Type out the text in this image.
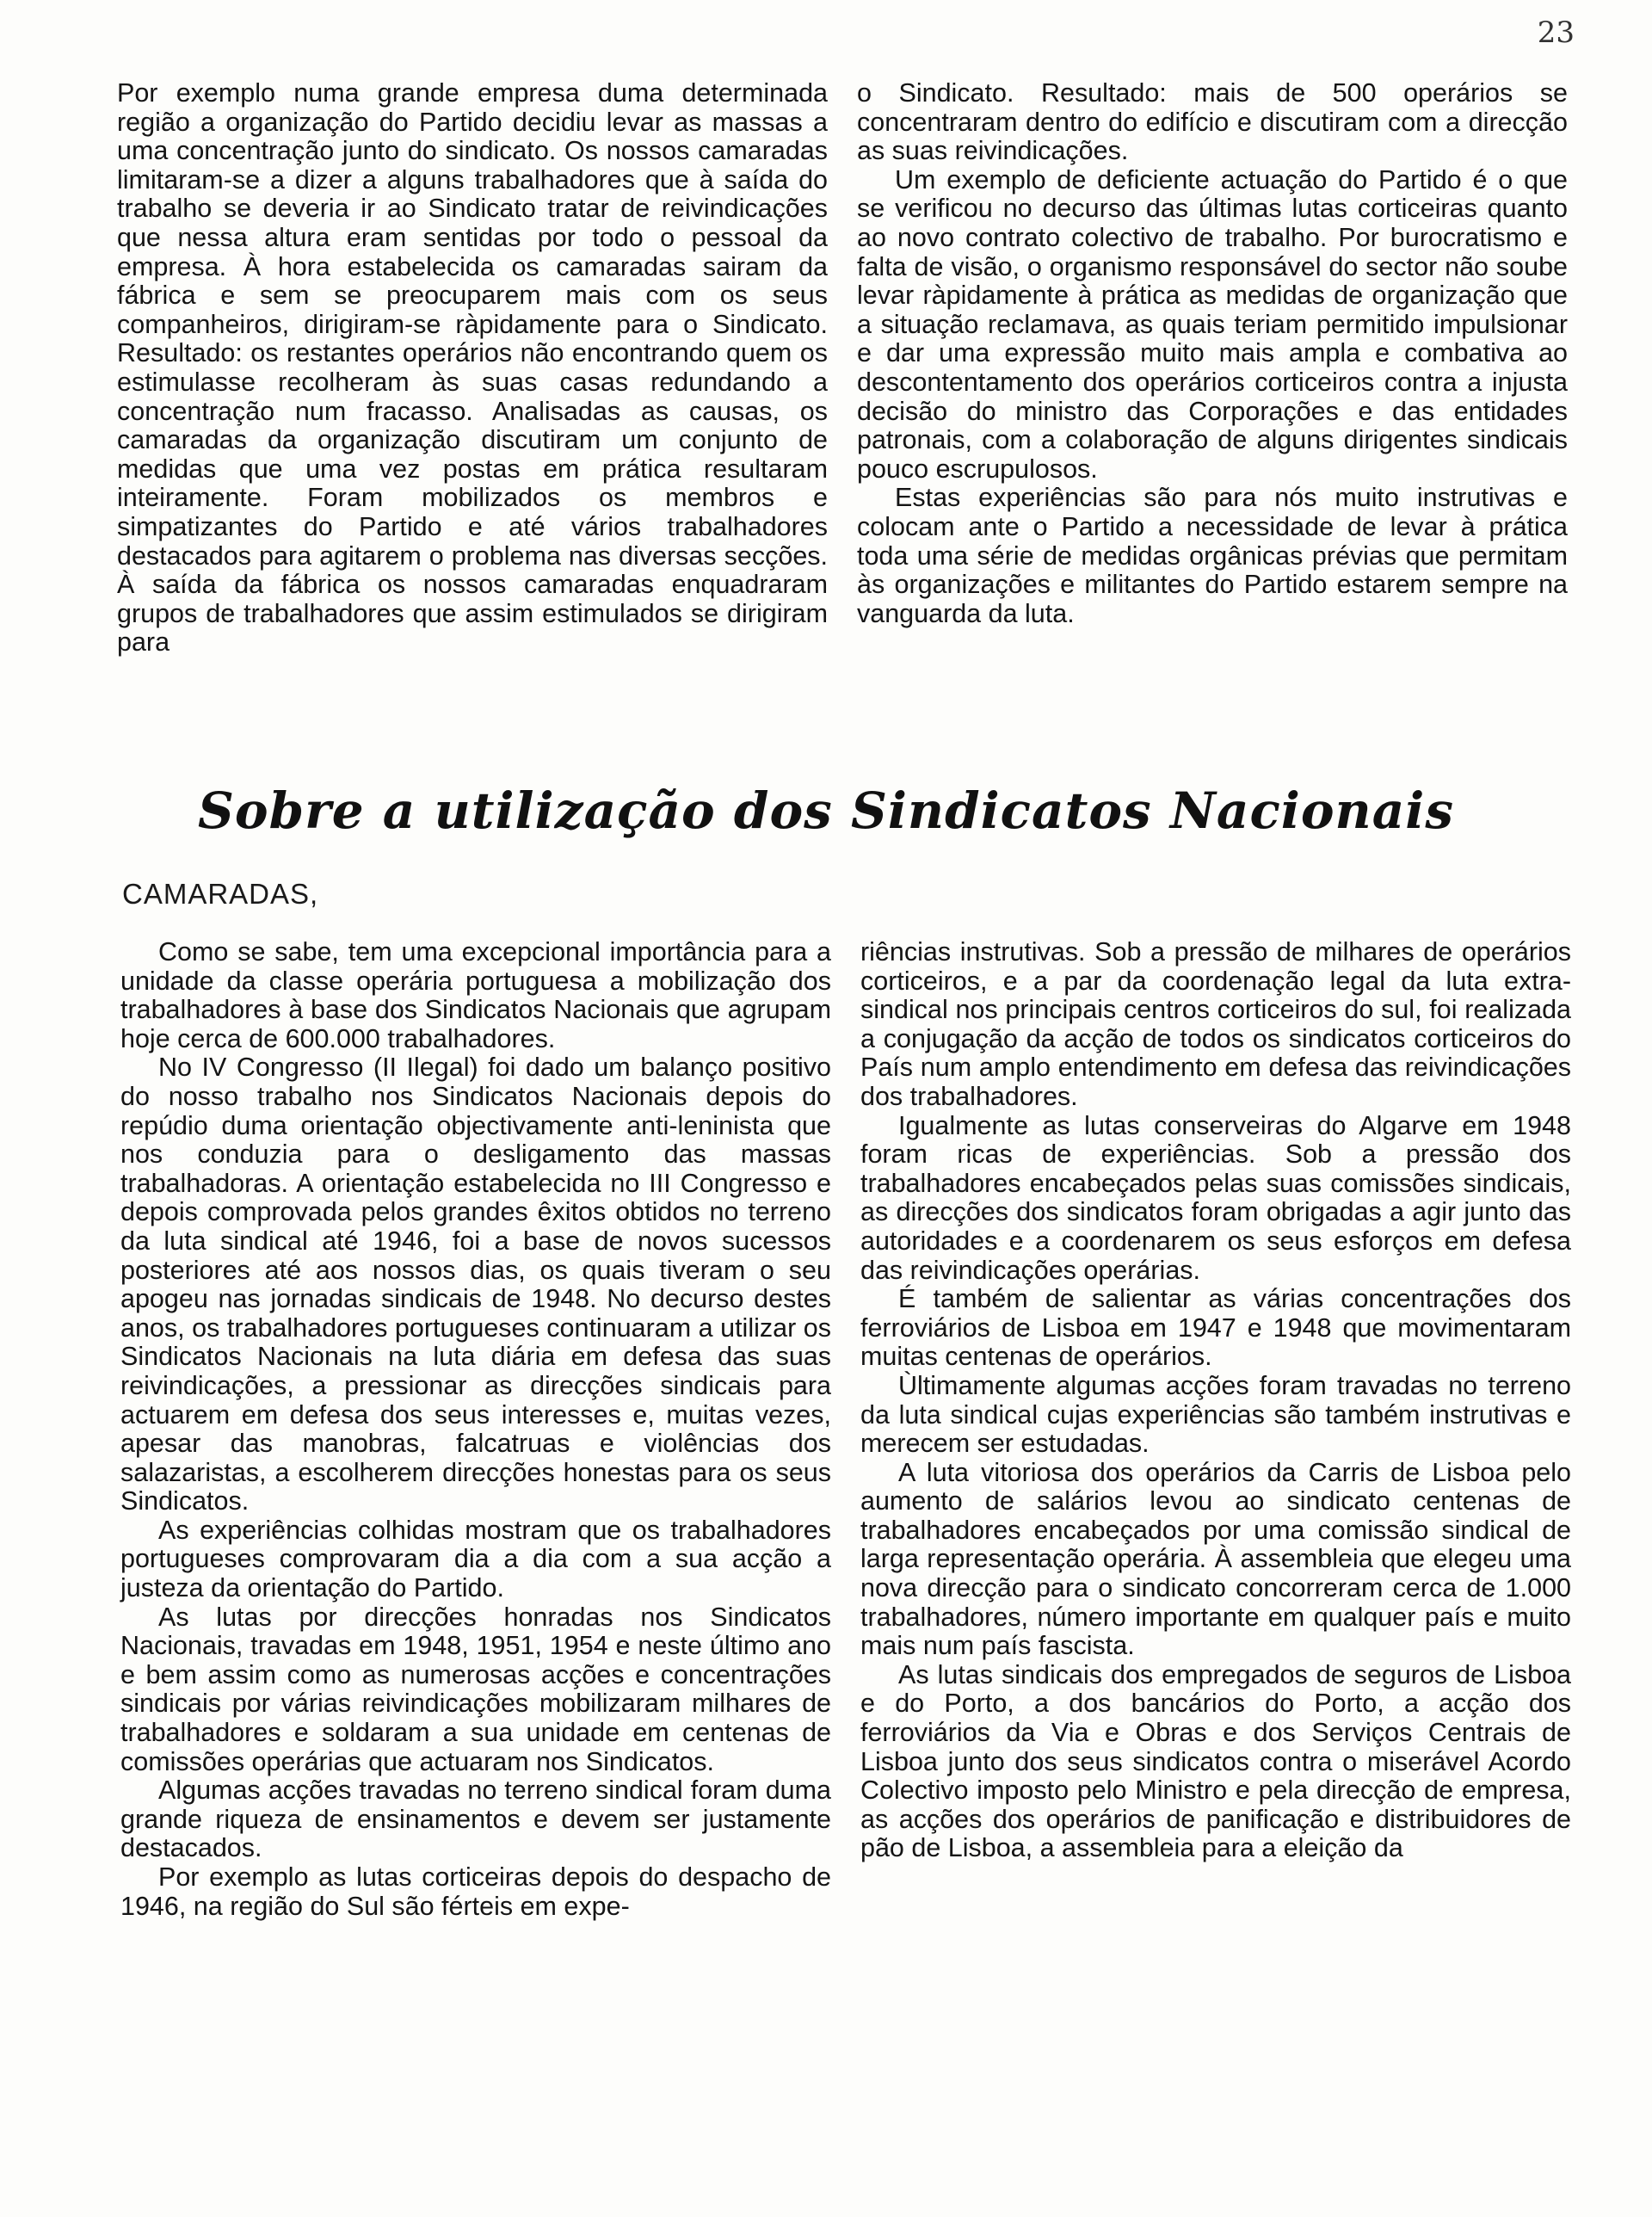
23

Por exemplo numa grande empresa duma determinada região a organização do Partido decidiu levar as massas a uma concentração junto do sindicato. Os nossos camaradas limitaram-se a dizer a alguns trabalhadores que à saída do trabalho se deveria ir ao Sindicato tratar de reivindicações que nessa altura eram sentidas por todo o pessoal da empresa. À hora estabelecida os camaradas sairam da fábrica e sem se preocuparem mais com os seus companheiros, dirigiram-se ràpidamente para o Sindicato. Resultado: os restantes operários não encontrando quem os estimulasse recolheram às suas casas redundando a concentração num fracasso. Analisadas as causas, os camaradas da organização discutiram um conjunto de medidas que uma vez postas em prática resultaram inteiramente. Foram mobilizados os membros e simpatizantes do Partido e até vários trabalhadores destacados para agitarem o problema nas diversas secções. À saída da fábrica os nossos camaradas enquadraram grupos de trabalhadores que assim estimulados se dirigiram para

o Sindicato. Resultado: mais de 500 operários se concentraram dentro do edifício e discutiram com a direcção as suas reivindicações.

Um exemplo de deficiente actuação do Partido é o que se verificou no decurso das últimas lutas corticeiras quanto ao novo contrato colectivo de trabalho. Por burocratismo e falta de visão, o organismo responsável do sector não soube levar ràpidamente à prática as medidas de organização que a situação reclamava, as quais teriam permitido impulsionar e dar uma expressão muito mais ampla e combativa ao descontentamento dos operários corticeiros contra a injusta decisão do ministro das Corporações e das entidades patronais, com a colaboração de alguns dirigentes sindicais pouco escrupulosos.

Estas experiências são para nós muito instrutivas e colocam ante o Partido a necessidade de levar à prática toda uma série de medidas orgânicas prévias que permitam às organizações e militantes do Partido estarem sempre na vanguarda da luta.

Sobre a utilização dos Sindicatos Nacionais
CAMARADAS,

Como se sabe, tem uma excepcional importância para a unidade da classe operária portuguesa a mobilização dos trabalhadores à base dos Sindicatos Nacionais que agrupam hoje cerca de 600.000 trabalhadores.

No IV Congresso (II Ilegal) foi dado um balanço positivo do nosso trabalho nos Sindicatos Nacionais depois do repúdio duma orientação objectivamente anti-leninista que nos conduzia para o desligamento das massas trabalhadoras. A orientação estabelecida no III Congresso e depois comprovada pelos grandes êxitos obtidos no terreno da luta sindical até 1946, foi a base de novos sucessos posteriores até aos nossos dias, os quais tiveram o seu apogeu nas jornadas sindicais de 1948. No decurso destes anos, os trabalhadores portugueses continuaram a utilizar os Sindicatos Nacionais na luta diária em defesa das suas reivindicações, a pressionar as direcções sindicais para actuarem em defesa dos seus interesses e, muitas vezes, apesar das manobras, falcatruas e violências dos salazaristas, a escolherem direcções honestas para os seus Sindicatos.

As experiências colhidas mostram que os trabalhadores portugueses comprovaram dia a dia com a sua acção a justeza da orientação do Partido.

As lutas por direcções honradas nos Sindicatos Nacionais, travadas em 1948, 1951, 1954 e neste último ano e bem assim como as numerosas acções e concentrações sindicais por várias reivindicações mobilizaram milhares de trabalhadores e soldaram a sua unidade em centenas de comissões operárias que actuaram nos Sindicatos.

Algumas acções travadas no terreno sindical foram duma grande riqueza de ensinamentos e devem ser justamente destacados.

Por exemplo as lutas corticeiras depois do despacho de 1946, na região do Sul são férteis em expe-

riências instrutivas. Sob a pressão de milhares de operários corticeiros, e a par da coordenação legal da luta extra-sindical nos principais centros corticeiros do sul, foi realizada a conjugação da acção de todos os sindicatos corticeiros do País num amplo entendimento em defesa das reivindicações dos trabalhadores.

Igualmente as lutas conserveiras do Algarve em 1948 foram ricas de experiências. Sob a pressão dos trabalhadores encabeçados pelas suas comissões sindicais, as direcções dos sindicatos foram obrigadas a agir junto das autoridades e a coordenarem os seus esforços em defesa das reivindicações operárias.

É também de salientar as várias concentrações dos ferroviários de Lisboa em 1947 e 1948 que movimentaram muitas centenas de operários.

Ùltimamente algumas acções foram travadas no terreno da luta sindical cujas experiências são também instrutivas e merecem ser estudadas.

A luta vitoriosa dos operários da Carris de Lisboa pelo aumento de salários levou ao sindicato centenas de trabalhadores encabeçados por uma comissão sindical de larga representação operária. À assembleia que elegeu uma nova direcção para o sindicato concorreram cerca de 1.000 trabalhadores, número importante em qualquer país e muito mais num país fascista.

As lutas sindicais dos empregados de seguros de Lisboa e do Porto, a dos bancários do Porto, a acção dos ferroviários da Via e Obras e dos Serviços Centrais de Lisboa junto dos seus sindicatos contra o miserável Acordo Colectivo imposto pelo Ministro e pela direcção de empresa, as acções dos operários de panificação e distribuidores de pão de Lisboa, a assembleia para a eleição da
